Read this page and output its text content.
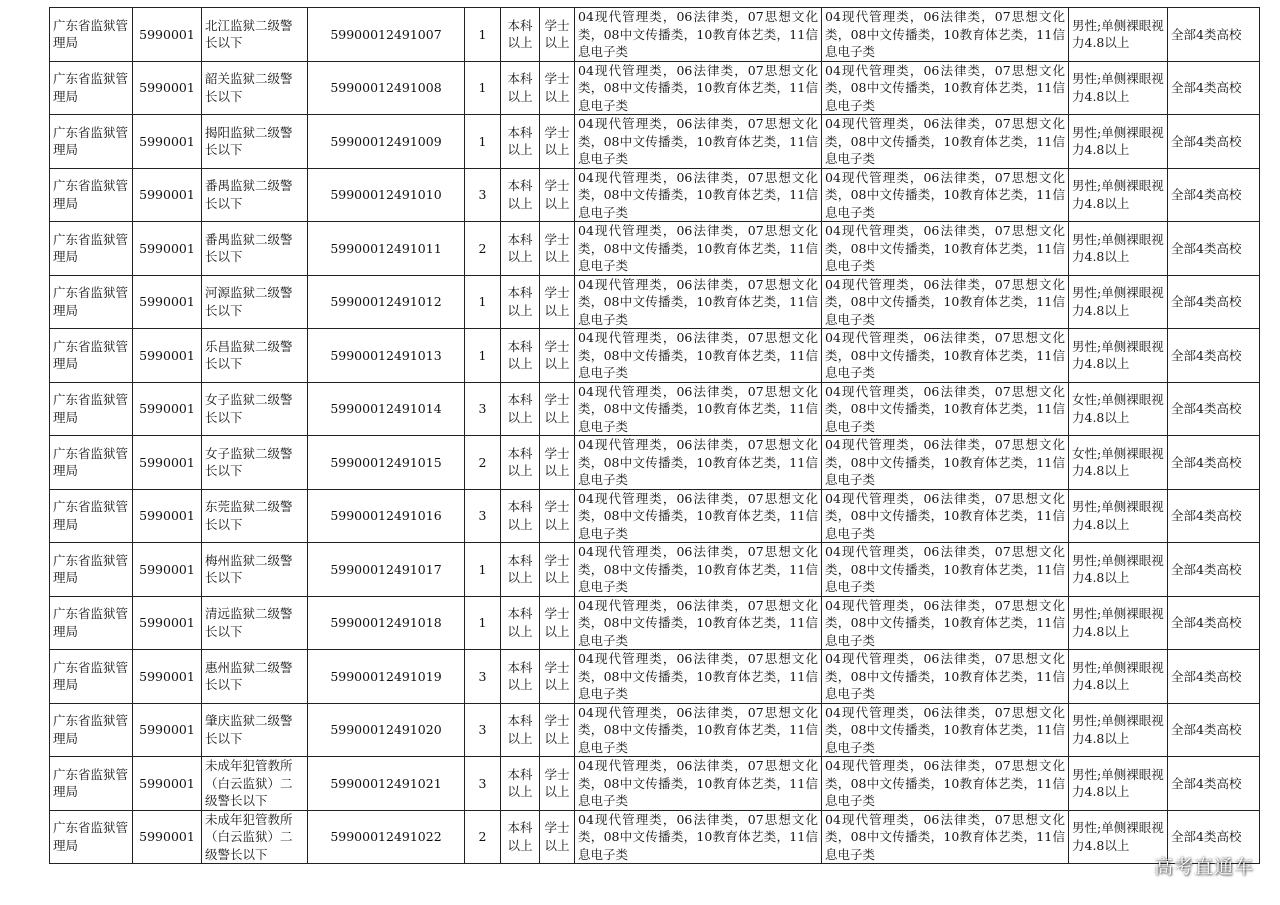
广东省监狱管理局	5990001	北江监狱二级警长以下	59900012491007	1	本科以上	学士以上	04现代管理类，06法律类，07思想文化类，08中文传播类，10教育体艺类，11信息电子类	04现代管理类，06法律类，07思想文化类，08中文传播类，10教育体艺类，11信息电子类	男性;单侧裸眼视力4.8以上	全部4类高校
广东省监狱管理局	5990001	韶关监狱二级警长以下	59900012491008	1	本科以上	学士以上	04现代管理类，06法律类，07思想文化类，08中文传播类，10教育体艺类，11信息电子类	04现代管理类，06法律类，07思想文化类，08中文传播类，10教育体艺类，11信息电子类	男性;单侧裸眼视力4.8以上	全部4类高校
广东省监狱管理局	5990001	揭阳监狱二级警长以下	59900012491009	1	本科以上	学士以上	04现代管理类，06法律类，07思想文化类，08中文传播类，10教育体艺类，11信息电子类	04现代管理类，06法律类，07思想文化类，08中文传播类，10教育体艺类，11信息电子类	男性;单侧裸眼视力4.8以上	全部4类高校
广东省监狱管理局	5990001	番禺监狱二级警长以下	59900012491010	3	本科以上	学士以上	04现代管理类，06法律类，07思想文化类，08中文传播类，10教育体艺类，11信息电子类	04现代管理类，06法律类，07思想文化类，08中文传播类，10教育体艺类，11信息电子类	男性;单侧裸眼视力4.8以上	全部4类高校
广东省监狱管理局	5990001	番禺监狱二级警长以下	59900012491011	2	本科以上	学士以上	04现代管理类，06法律类，07思想文化类，08中文传播类，10教育体艺类，11信息电子类	04现代管理类，06法律类，07思想文化类，08中文传播类，10教育体艺类，11信息电子类	男性;单侧裸眼视力4.8以上	全部4类高校
广东省监狱管理局	5990001	河源监狱二级警长以下	59900012491012	1	本科以上	学士以上	04现代管理类，06法律类，07思想文化类，08中文传播类，10教育体艺类，11信息电子类	04现代管理类，06法律类，07思想文化类，08中文传播类，10教育体艺类，11信息电子类	男性;单侧裸眼视力4.8以上	全部4类高校
广东省监狱管理局	5990001	乐昌监狱二级警长以下	59900012491013	1	本科以上	学士以上	04现代管理类，06法律类，07思想文化类，08中文传播类，10教育体艺类，11信息电子类	04现代管理类，06法律类，07思想文化类，08中文传播类，10教育体艺类，11信息电子类	男性;单侧裸眼视力4.8以上	全部4类高校
广东省监狱管理局	5990001	女子监狱二级警长以下	59900012491014	3	本科以上	学士以上	04现代管理类，06法律类，07思想文化类，08中文传播类，10教育体艺类，11信息电子类	04现代管理类，06法律类，07思想文化类，08中文传播类，10教育体艺类，11信息电子类	女性;单侧裸眼视力4.8以上	全部4类高校
广东省监狱管理局	5990001	女子监狱二级警长以下	59900012491015	2	本科以上	学士以上	04现代管理类，06法律类，07思想文化类，08中文传播类，10教育体艺类，11信息电子类	04现代管理类，06法律类，07思想文化类，08中文传播类，10教育体艺类，11信息电子类	女性;单侧裸眼视力4.8以上	全部4类高校
广东省监狱管理局	5990001	东莞监狱二级警长以下	59900012491016	3	本科以上	学士以上	04现代管理类，06法律类，07思想文化类，08中文传播类，10教育体艺类，11信息电子类	04现代管理类，06法律类，07思想文化类，08中文传播类，10教育体艺类，11信息电子类	男性;单侧裸眼视力4.8以上	全部4类高校
广东省监狱管理局	5990001	梅州监狱二级警长以下	59900012491017	1	本科以上	学士以上	04现代管理类，06法律类，07思想文化类，08中文传播类，10教育体艺类，11信息电子类	04现代管理类，06法律类，07思想文化类，08中文传播类，10教育体艺类，11信息电子类	男性;单侧裸眼视力4.8以上	全部4类高校
广东省监狱管理局	5990001	清远监狱二级警长以下	59900012491018	1	本科以上	学士以上	04现代管理类，06法律类，07思想文化类，08中文传播类，10教育体艺类，11信息电子类	04现代管理类，06法律类，07思想文化类，08中文传播类，10教育体艺类，11信息电子类	男性;单侧裸眼视力4.8以上	全部4类高校
广东省监狱管理局	5990001	惠州监狱二级警长以下	59900012491019	3	本科以上	学士以上	04现代管理类，06法律类，07思想文化类，08中文传播类，10教育体艺类，11信息电子类	04现代管理类，06法律类，07思想文化类，08中文传播类，10教育体艺类，11信息电子类	男性;单侧裸眼视力4.8以上	全部4类高校
广东省监狱管理局	5990001	肇庆监狱二级警长以下	59900012491020	3	本科以上	学士以上	04现代管理类，06法律类，07思想文化类，08中文传播类，10教育体艺类，11信息电子类	04现代管理类，06法律类，07思想文化类，08中文传播类，10教育体艺类，11信息电子类	男性;单侧裸眼视力4.8以上	全部4类高校
广东省监狱管理局	5990001	未成年犯管教所（白云监狱）二级警长以下	59900012491021	3	本科以上	学士以上	04现代管理类，06法律类，07思想文化类，08中文传播类，10教育体艺类，11信息电子类	04现代管理类，06法律类，07思想文化类，08中文传播类，10教育体艺类，11信息电子类	男性;单侧裸眼视力4.8以上	全部4类高校
广东省监狱管理局	5990001	未成年犯管教所（白云监狱）二级警长以下	59900012491022	2	本科以上	学士以上	04现代管理类，06法律类，07思想文化类，08中文传播类，10教育体艺类，11信息电子类	04现代管理类，06法律类，07思想文化类，08中文传播类，10教育体艺类，11信息电子类	男性;单侧裸眼视力4.8以上	全部4类高校
高考直通车
